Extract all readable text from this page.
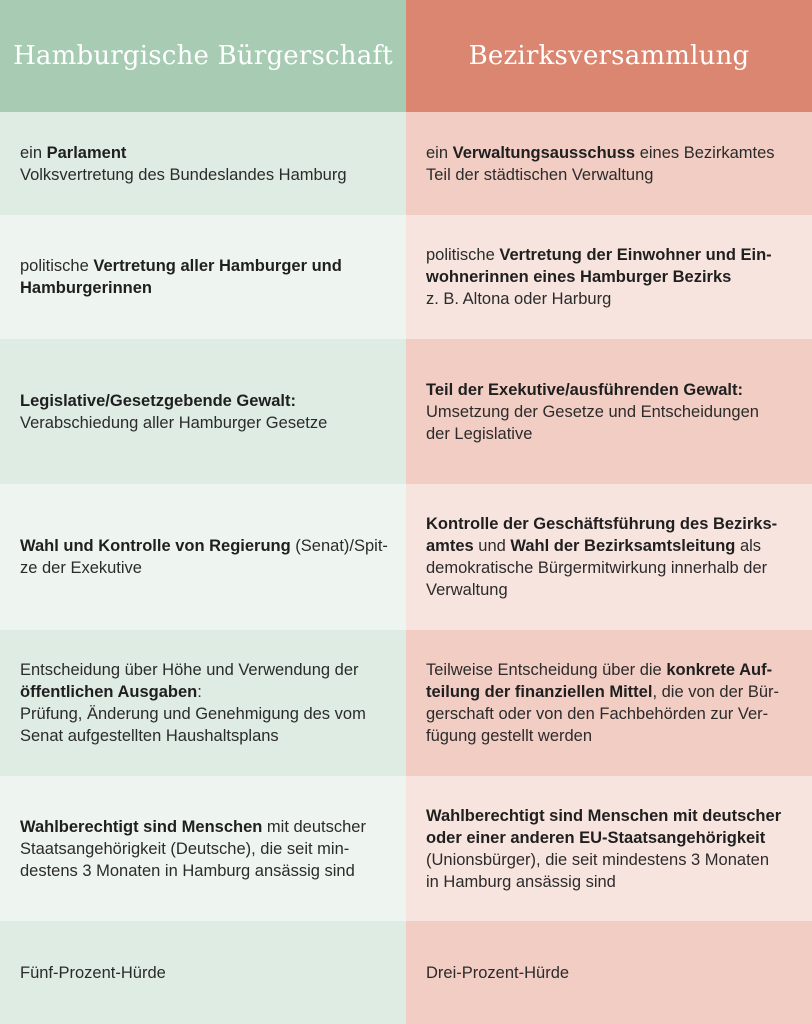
Hamburgische Bürgerschaft	Bezirksversammlung
ein Parlament
Volksvertretung des Bundeslandes Hamburg
ein Verwaltungsausschuss eines Bezirkamtes
Teil der städtischen Verwaltung
politische Vertretung aller Hamburger und
Hamburgerinnen
politische Vertretung der Einwohner und Ein-
wohnerinnen eines Hamburger Bezirks
z. B. Altona oder Harburg
Legislative/Gesetzgebende Gewalt:
Verabschiedung aller Hamburger Gesetze
Teil der Exekutive/ausführenden Gewalt:
Umsetzung der Gesetze und Entscheidungen
der Legislative
Wahl und Kontrolle von Regierung (Senat)/Spit-
ze der Exekutive
Kontrolle der Geschäftsführung des Bezirks-
amtes und Wahl der Bezirksamtsleitung als
demokratische Bürgermitwirkung innerhalb der
Verwaltung
Entscheidung über Höhe und Verwendung der
öffentlichen Ausgaben:
Prüfung, Änderung und Genehmigung des vom
Senat aufgestellten Haushaltsplans
Teilweise Entscheidung über die konkrete Auf-
teilung der finanziellen Mittel, die von der Bür-
gerschaft oder von den Fachbehörden zur Ver-
fügung gestellt werden
Wahlberechtigt sind Menschen mit deutscher
Staatsangehörigkeit (Deutsche), die seit min-
destens 3 Monaten in Hamburg ansässig sind
Wahlberechtigt sind Menschen mit deutscher
oder einer anderen EU-Staatsangehörigkeit
(Unionsbürger), die seit mindestens 3 Monaten
in Hamburg ansässig sind
Fünf-Prozent-Hürde	Drei-Prozent-Hürde
